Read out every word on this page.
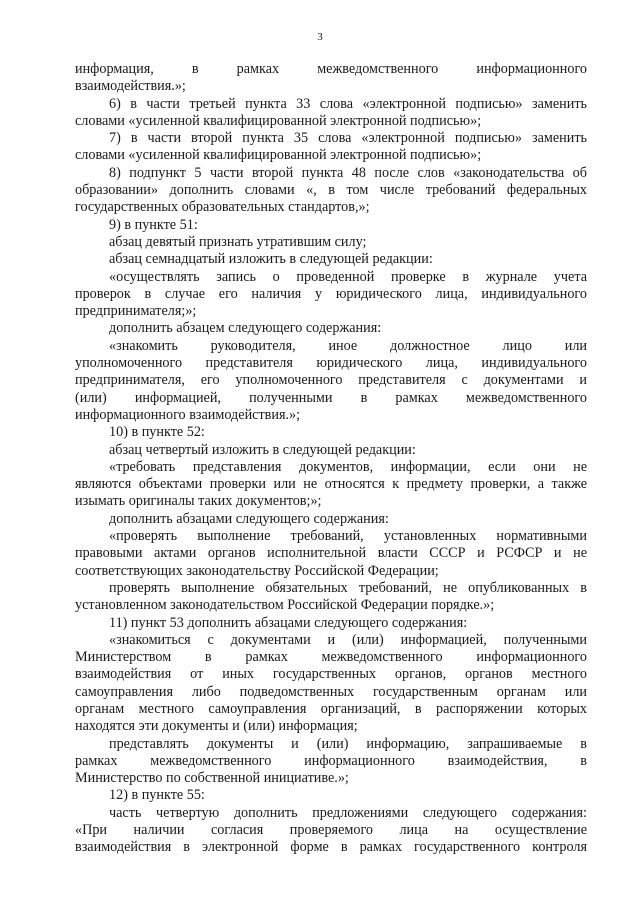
3
информация, в рамках межведомственного информационного
взаимодействия.»;
6) в части третьей пункта 33 слова «электронной подписью» заменить
словами «усиленной квалифицированной электронной подписью»;
7) в части второй пункта 35 слова «электронной подписью» заменить
словами «усиленной квалифицированной электронной подписью»;
8) подпункт 5 части второй пункта 48 после слов «законодательства об
образовании» дополнить словами «, в том числе требований федеральных
государственных образовательных стандартов,»;
9) в пункте 51:
абзац девятый признать утратившим силу;
абзац семнадцатый изложить в следующей редакции:
«осуществлять запись о проведенной проверке в журнале учета
проверок в случае его наличия у юридического лица, индивидуального
предпринимателя;»;
дополнить абзацем следующего содержания:
«знакомить руководителя, иное должностное лицо или
уполномоченного представителя юридического лица, индивидуального
предпринимателя, его уполномоченного представителя с документами и
(или) информацией, полученными в рамках межведомственного
информационного взаимодействия.»;
10) в пункте 52:
абзац четвертый изложить в следующей редакции:
«требовать представления документов, информации, если они не
являются объектами проверки или не относятся к предмету проверки, а также
изымать оригиналы таких документов;»;
дополнить абзацами следующего содержания:
«проверять выполнение требований, установленных нормативными
правовыми актами органов исполнительной власти СССР и РСФСР и не
соответствующих законодательству Российской Федерации;
проверять выполнение обязательных требований, не опубликованных в
установленном законодательством Российской Федерации порядке.»;
11) пункт 53 дополнить абзацами следующего содержания:
«знакомиться с документами и (или) информацией, полученными
Министерством в рамках межведомственного информационного
взаимодействия от иных государственных органов, органов местного
самоуправления либо подведомственных государственным органам или
органам местного самоуправления организаций, в распоряжении которых
находятся эти документы и (или) информация;
представлять документы и (или) информацию, запрашиваемые в
рамках межведомственного информационного взаимодействия, в
Министерство по собственной инициативе.»;
12) в пункте 55:
часть четвертую дополнить предложениями следующего содержания:
«При наличии согласия проверяемого лица на осуществление
взаимодействия в электронной форме в рамках государственного контроля
